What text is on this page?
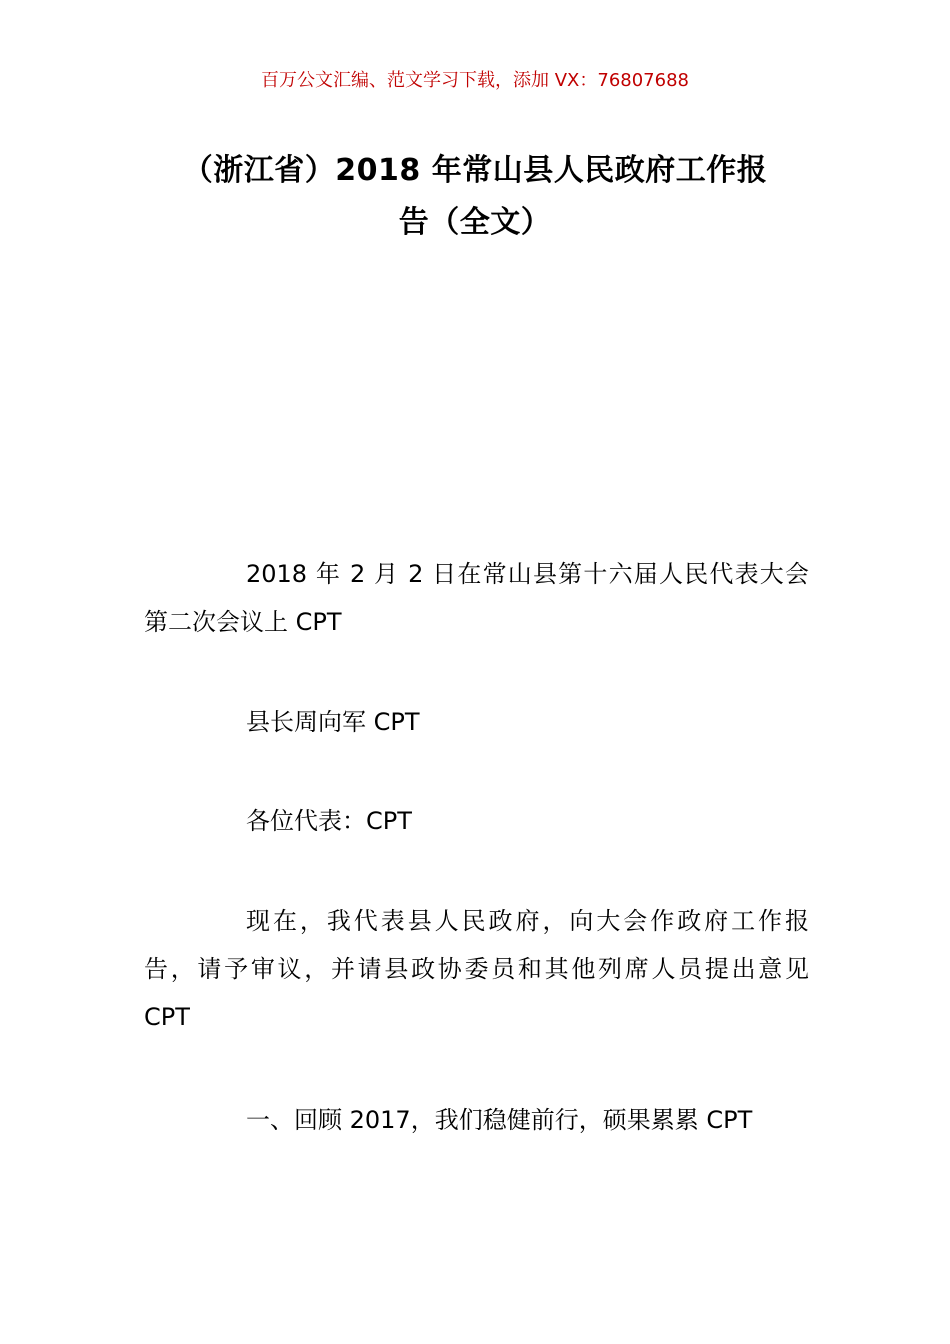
百万公文汇编、范文学习下载，添加 VX：76807688
（浙江省）2018 年常山县人民政府工作报
告（全文）
2018 年 2 月 2 日在常山县第十六届人民代表大会
第二次会议上 CPT
县长周向军 CPT
各位代表：CPT
现在，我代表县人民政府，向大会作政府工作报
告，请予审议，并请县政协委员和其他列席人员提出意见
CPT
一、回顾 2017，我们稳健前行，硕果累累 CPT
